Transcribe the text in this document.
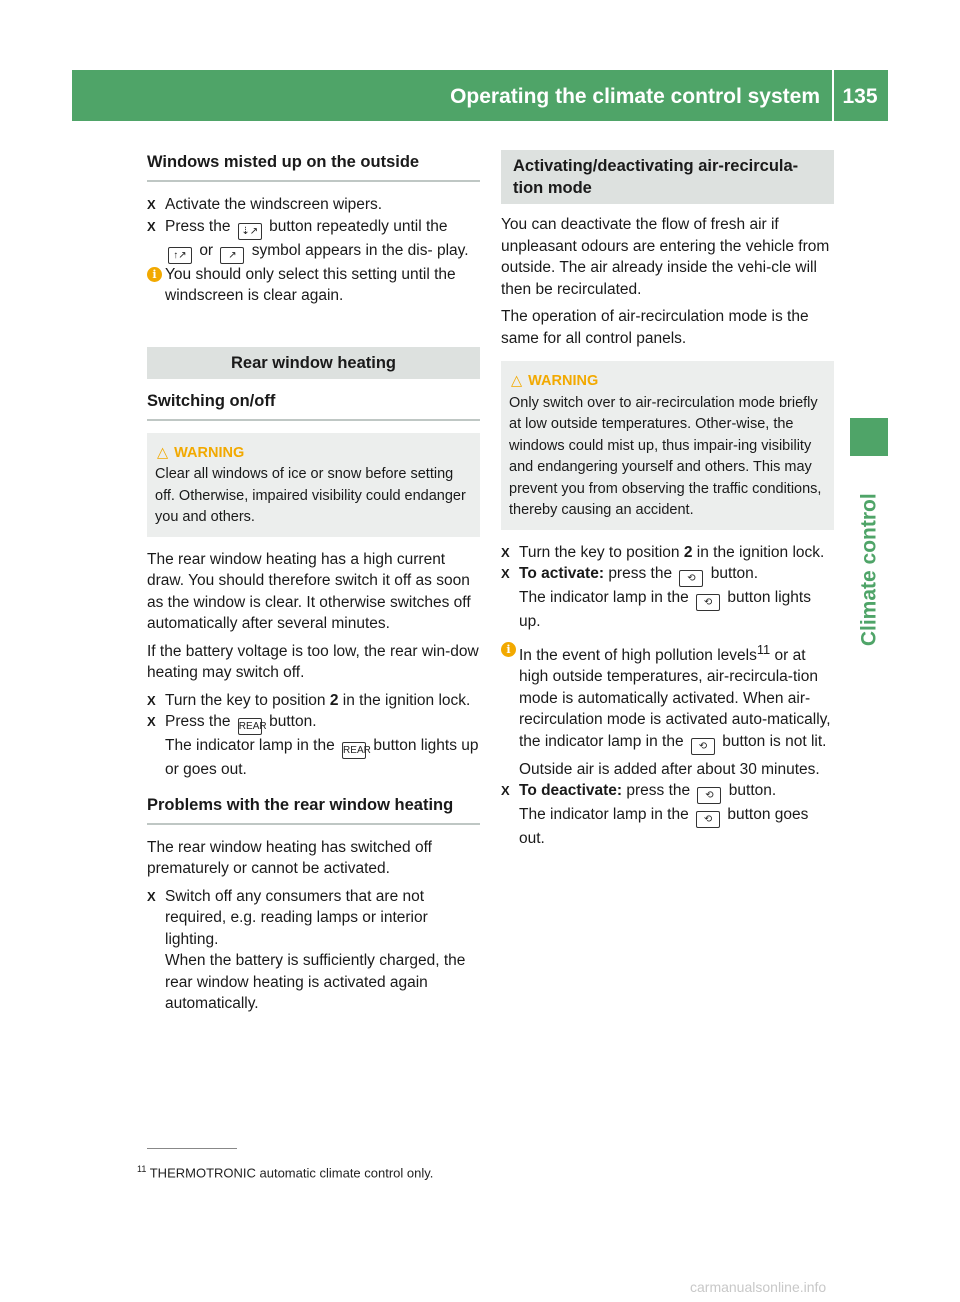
Operating the climate control system 135
Climate control
Windows misted up on the outside
X Activate the windscreen wipers.
X Press the ⇣↗ button repeatedly until the
↑↗ or ↗ symbol appears in the dis- play.
i You should only select this setting until the windscreen is clear again.
Rear window heating
Switching on/off
△ WARNING
Clear all windows of ice or snow before setting off. Otherwise, impaired visibility could endanger you and others.

The rear window heating has a high current draw. You should therefore switch it off as soon as the window is clear. It otherwise switches off automatically after several minutes.

If the battery voltage is too low, the rear win-dow heating may switch off.

X Turn the key to position 2 in the ignition lock.
X Press the REAR button.
The indicator lamp in the REAR button lights up or goes out.
Problems with the rear window heating

The rear window heating has switched off prematurely or cannot be activated.

X Switch off any consumers that are not required, e.g. reading lamps or interior lighting.
When the battery is sufficiently charged, the rear window heating is activated again automatically.
Activating/deactivating air-recircula-tion mode

You can deactivate the flow of fresh air if unpleasant odours are entering the vehicle from outside. The air already inside the vehi-cle will then be recirculated.

The operation of air-recirculation mode is the same for all control panels.

△ WARNING
Only switch over to air-recirculation mode briefly at low outside temperatures. Other-wise, the windows could mist up, thus impair-ing visibility and endangering yourself and others. This may prevent you from observing the traffic conditions, thereby causing an accident.
X Turn the key to position 2 in the ignition lock.
X To activate: press the ⟲ button.
The indicator lamp in the ⟲ button lights up.
i In the event of high pollution levels$^{11}$ or at high outside temperatures, air-recircula-tion mode is automatically activated. When air-recirculation mode is activated auto-matically, the indicator lamp in the ⟲ button is not lit.
Outside air is added after about 30 minutes.
X To deactivate: press the ⟲ button.
The indicator lamp in the ⟲ button goes out.
$^{11}$ THERMOTRONIC automatic climate control only.
carmanualsonline.info
